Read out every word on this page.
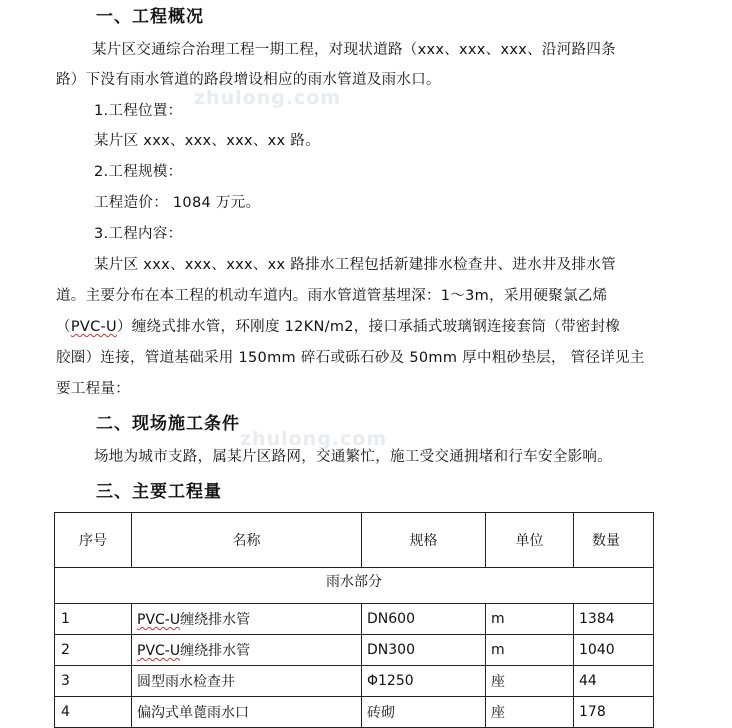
zhulong.com
zhulong.com
一、工程概况
某片区交通综合治理工程一期工程，对现状道路（xxx、xxx、xxx、沿河路四条
路）下没有雨水管道的路段增设相应的雨水管道及雨水口。
1.工程位置：
某片区 xxx、xxx、xxx、xx 路。
2.工程规模：
工程造价： 1084 万元。
3.工程内容：
某片区 xxx、xxx、xxx、xx 路排水工程包括新建排水检查井、进水井及排水管
道。主要分布在本工程的机动车道内。雨水管道管基埋深：1～3m，采用硬聚氯乙烯
（PVC-U）缠绕式排水管，环刚度 12KN/m2，接口承插式玻璃钢连接套筒（带密封橡
胶圈）连接，管道基础采用 150mm 碎石或砾石砂及 50mm 厚中粗砂垫层， 管径详见主
要工程量：
二、现场施工条件
场地为城市支路，属某片区路网，交通繁忙，施工受交通拥堵和行车安全影响。
三、主要工程量
序号	名称	规格	单位	数量
雨水部分				
1	PVC-U缠绕排水管	DN600	m	1384
2	PVC-U缠绕排水管	DN300	m	1040
3	圆型雨水检查井	Φ1250	座	44
4	偏沟式单蓖雨水口	砖砌	座	178
